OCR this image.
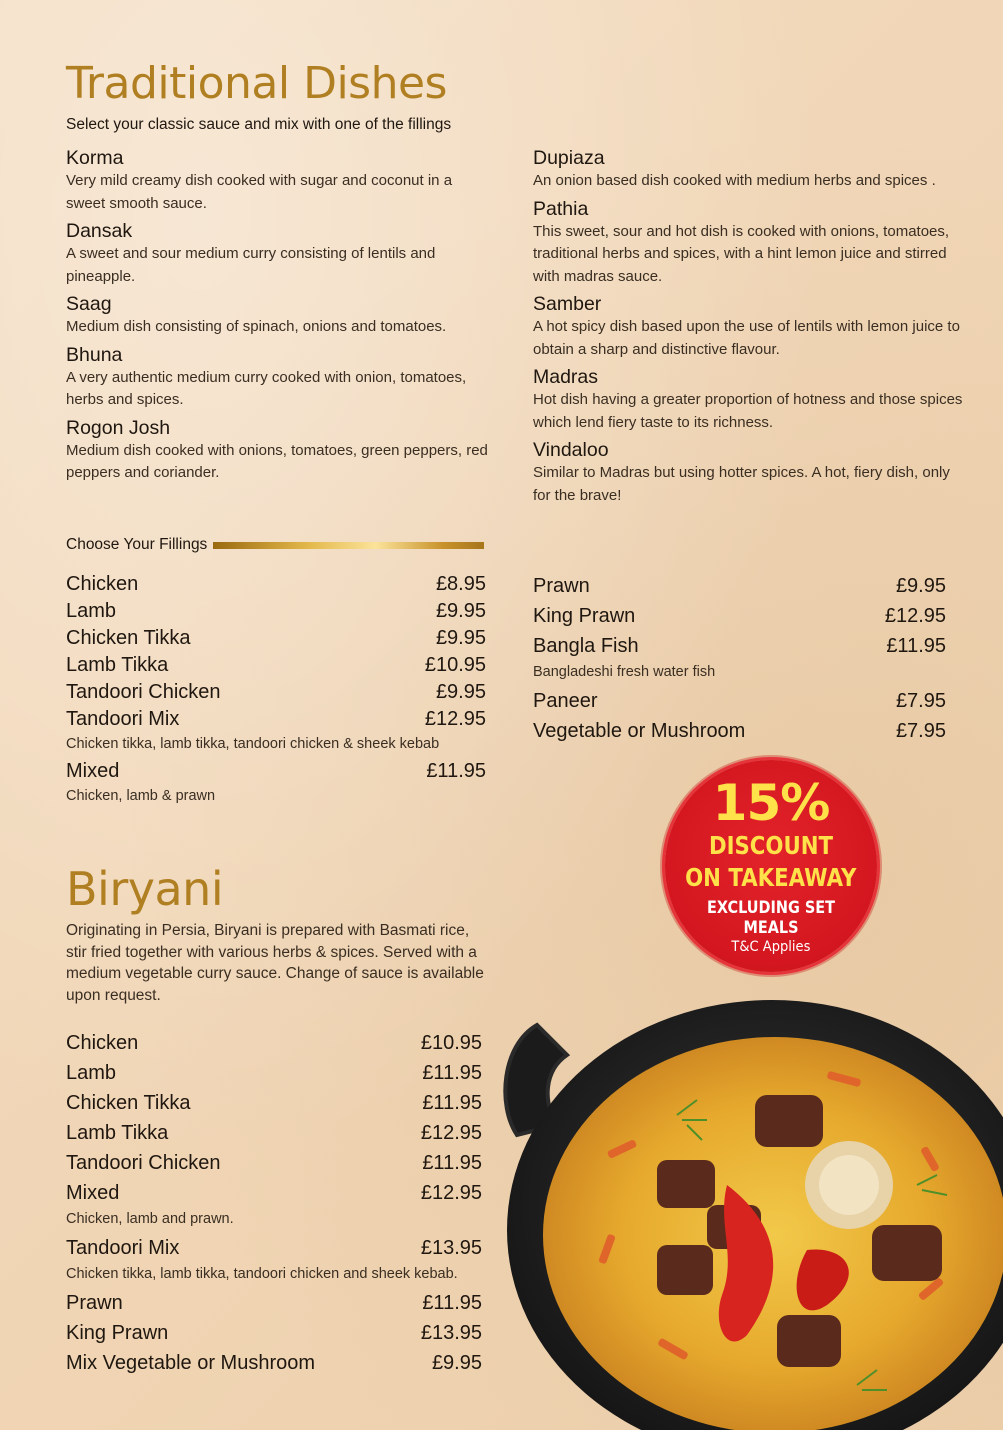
Traditional Dishes
Select your classic sauce and mix with one of the fillings
Korma
Very mild creamy dish cooked with sugar and coconut in a sweet smooth sauce.
Dansak
A sweet and sour medium curry consisting of lentils and pineapple.
Saag
Medium dish consisting of spinach, onions and tomatoes.
Bhuna
A very authentic medium curry cooked with onion, tomatoes, herbs and spices.
Rogon Josh
Medium dish cooked with onions, tomatoes, green peppers, red peppers and coriander.
Dupiaza
An onion based dish cooked with medium herbs and spices .
Pathia
This sweet, sour and hot dish is cooked with onions, tomatoes, traditional herbs and spices, with a hint lemon juice and stirred with madras sauce.
Samber
A hot spicy dish based upon the use of lentils with lemon juice to obtain a sharp and distinctive flavour.
Madras
Hot dish having a greater proportion of hotness and those spices which lend fiery taste to its richness.
Vindaloo
Similar to Madras but using hotter spices. A hot, fiery dish, only for the brave!
Choose Your Fillings
Chicken	£8.95
Lamb	£9.95
Chicken Tikka	£9.95
Lamb Tikka	£10.95
Tandoori Chicken	£9.95
Tandoori Mix	£12.95
Chicken tikka, lamb tikka, tandoori chicken & sheek kebab
Mixed	£11.95
Chicken, lamb & prawn
Prawn	£9.95
King Prawn	£12.95
Bangla Fish	£11.95
Bangladeshi fresh water fish
Paneer	£7.95
Vegetable or Mushroom	£7.95
15%
DISCOUNT
ON TAKEAWAY
EXCLUDING SET MEALS
T&C Applies
Biryani
Originating in Persia, Biryani is prepared with Basmati rice, stir fried together with various herbs & spices. Served with a medium vegetable curry sauce. Change of sauce is available upon request.
Chicken	£10.95
Lamb	£11.95
Chicken Tikka	£11.95
Lamb Tikka	£12.95
Tandoori Chicken	£11.95
Mixed	£12.95
Chicken, lamb and prawn.
Tandoori Mix	£13.95
Chicken tikka, lamb tikka, tandoori chicken and sheek kebab.
Prawn	£11.95
King Prawn	£13.95
Mix Vegetable or Mushroom	£9.95
